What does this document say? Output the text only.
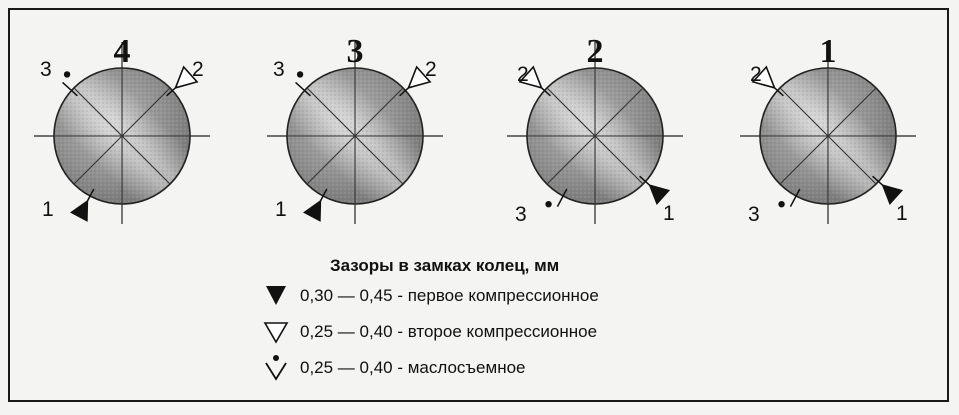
4
3	2
1
3
3	2
1
2
2
3	1
1
2
3	1
Зазоры в замках колец, мм
0,30 — 0,45 - первое компрессионное
0,25 — 0,40 - второе компрессионное
0,25 — 0,40 - маслосъемное
